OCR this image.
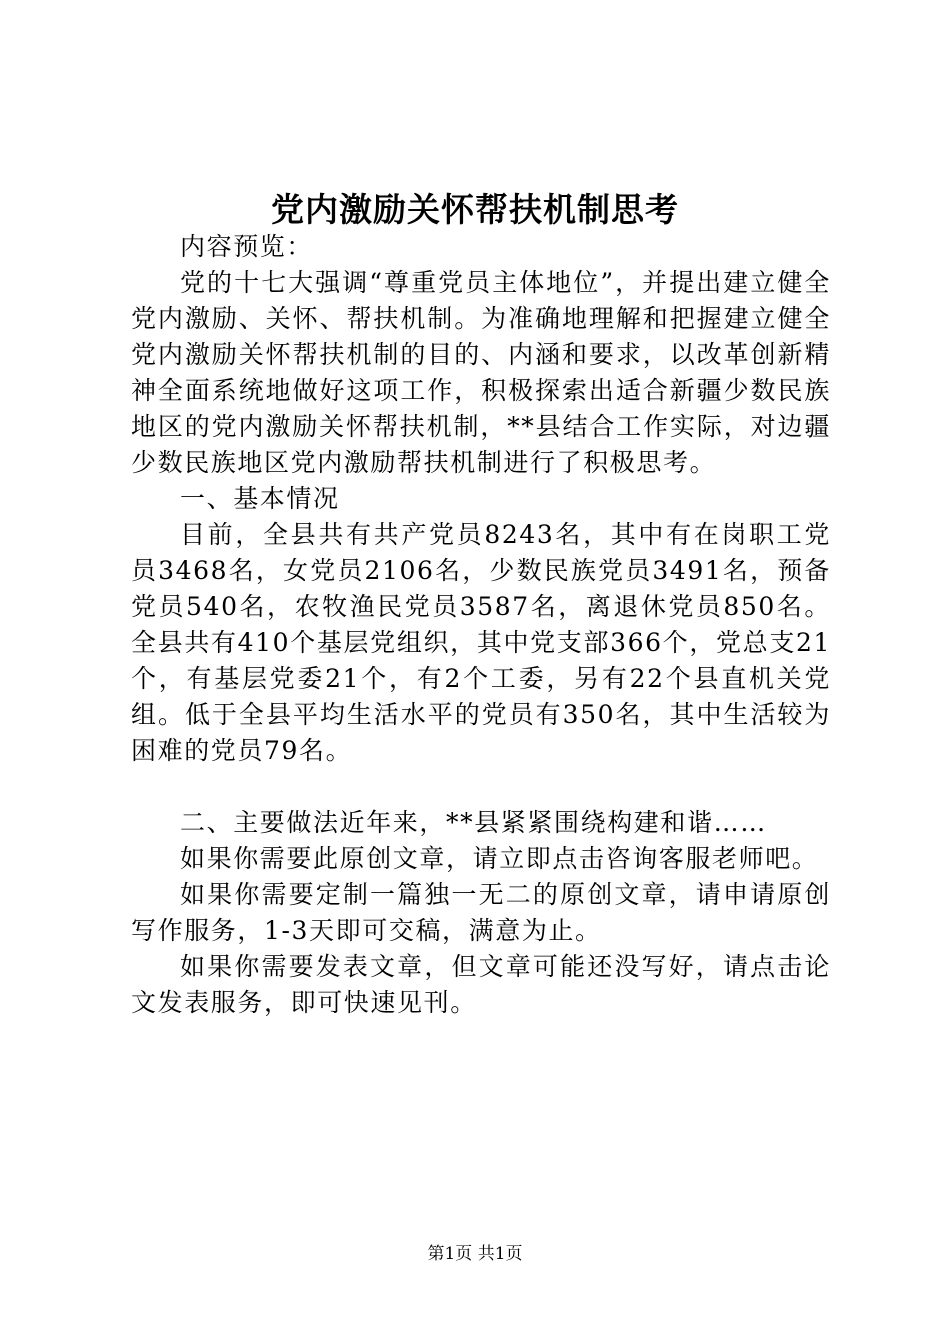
党内激励关怀帮扶机制思考

内容预览：

党的十七大强调“尊重党员主体地位”，并提出建立健全党内激励、关怀、帮扶机制。为准确地理解和把握建立健全党内激励关怀帮扶机制的目的、内涵和要求，以改革创新精神全面系统地做好这项工作，积极探索出适合新疆少数民族地区的党内激励关怀帮扶机制，**县结合工作实际，对边疆少数民族地区党内激励帮扶机制进行了积极思考。

一、基本情况

目前，全县共有共产党员8243名，其中有在岗职工党员3468名，女党员2106名，少数民族党员3491名，预备党员540名，农牧渔民党员3587名，离退休党员850名。全县共有410个基层党组织，其中党支部366个，党总支21个，有基层党委21个，有2个工委，另有22个县直机关党组。低于全县平均生活水平的党员有350名，其中生活较为困难的党员79名。

二、主要做法近年来，**县紧紧围绕构建和谐……

如果你需要此原创文章，请立即点击咨询客服老师吧。

如果你需要定制一篇独一无二的原创文章，请申请原创写作服务，1-3天即可交稿，满意为止。

如果你需要发表文章，但文章可能还没写好，请点击论文发表服务，即可快速见刊。

第1页 共1页
